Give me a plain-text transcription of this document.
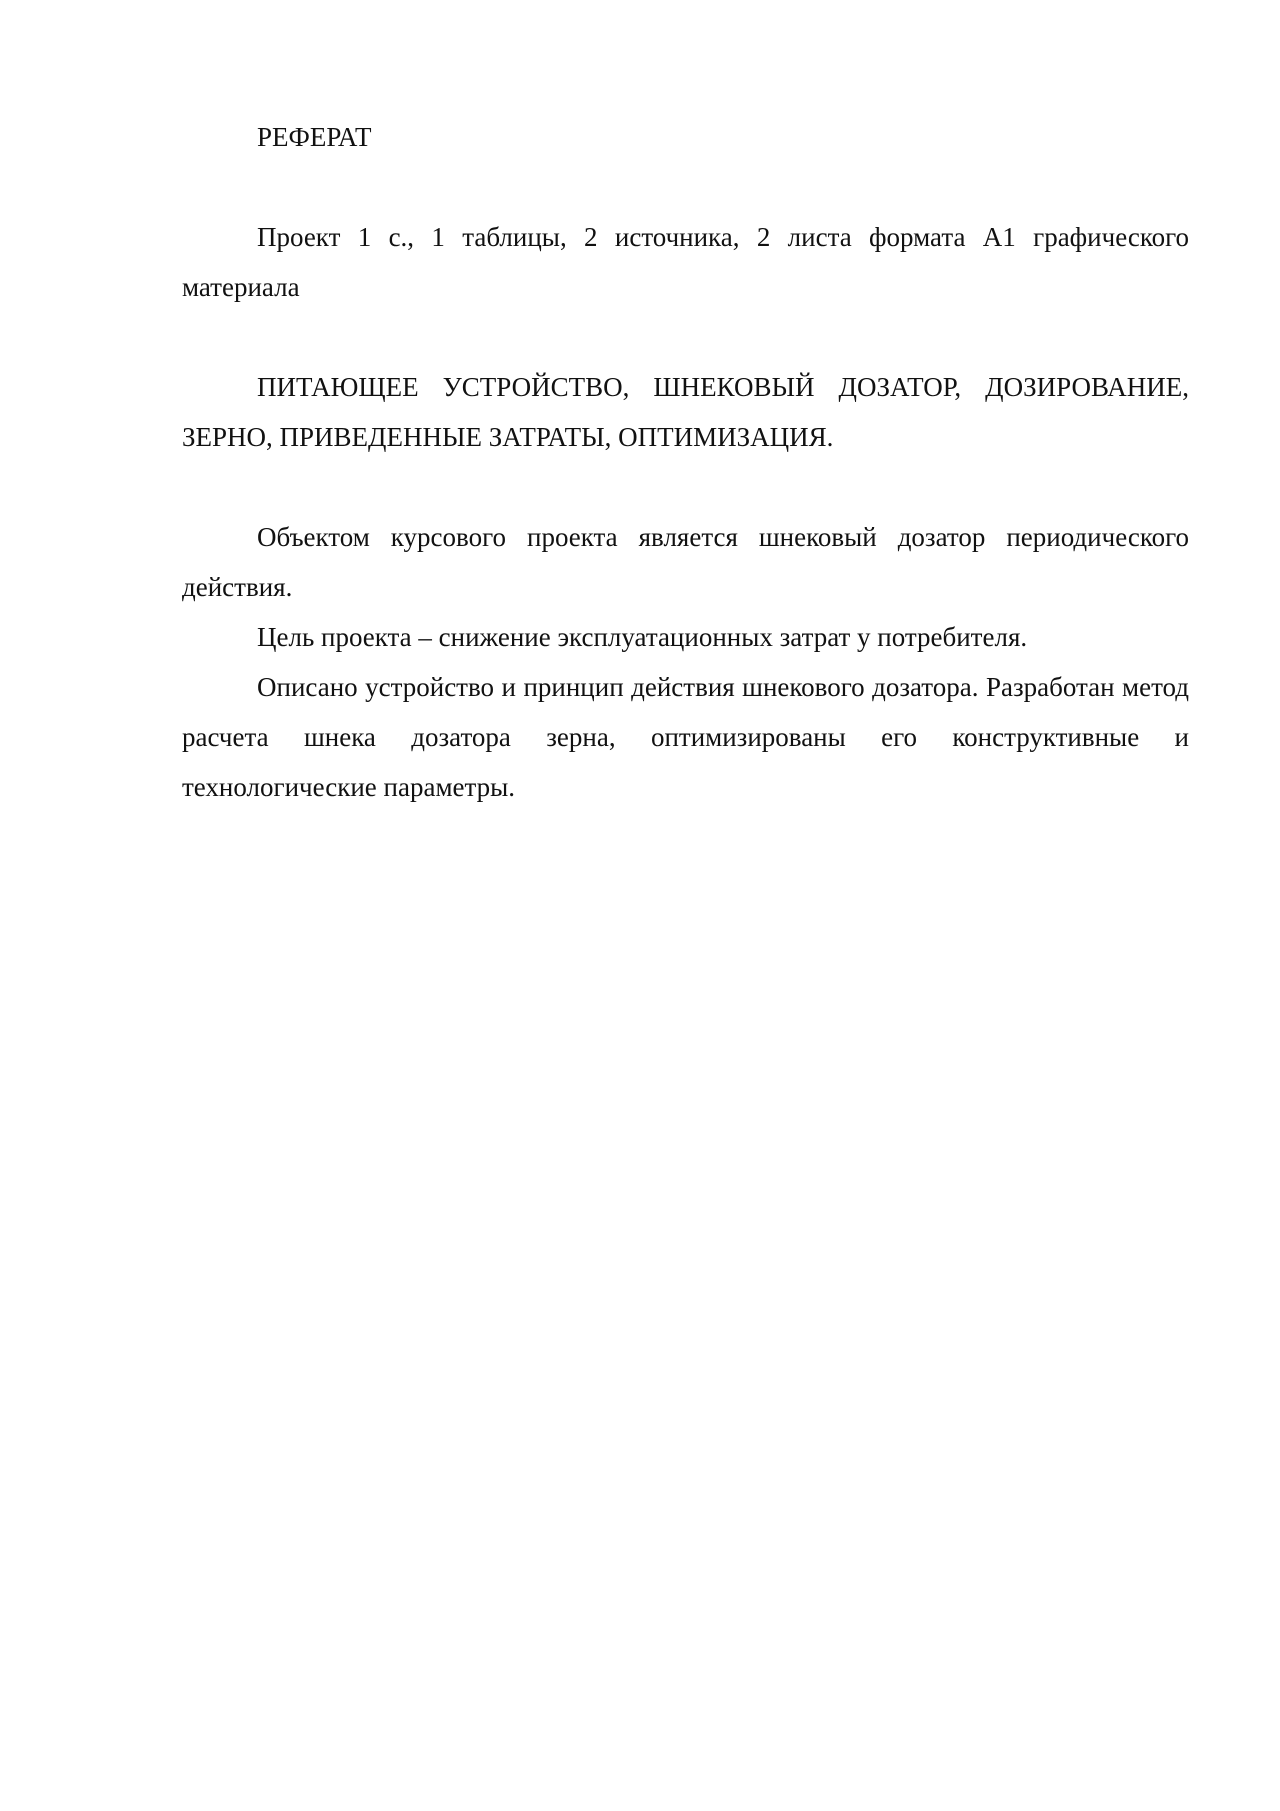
РЕФЕРАТ

Проект 1 с., 1 таблицы, 2 источника, 2 листа формата А1 графического материала

ПИТАЮЩЕЕ УСТРОЙСТВО, ШНЕКОВЫЙ ДОЗАТОР, ДОЗИРОВАНИЕ, ЗЕРНО, ПРИВЕДЕННЫЕ ЗАТРАТЫ, ОПТИМИЗАЦИЯ.

Объектом курсового проекта является шнековый дозатор периодического действия.

Цель проекта – снижение эксплуатационных затрат у потребителя.

Описано устройство и принцип действия шнекового дозатора. Разработан метод расчета шнека дозатора зерна, оптимизированы его конструктивные и технологические параметры.
